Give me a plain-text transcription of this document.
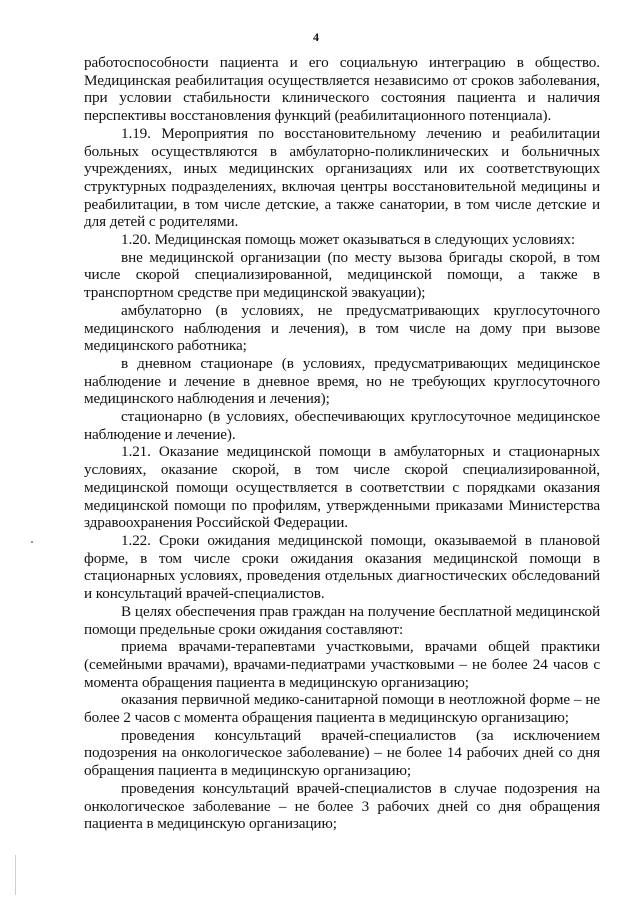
4

работоспособности пациента и его социальную интеграцию в общество. Медицинская реабилитация осуществляется независимо от сроков заболевания, при условии стабильности клинического состояния пациента и наличия перспективы восстановления функций (реабилитационного потенциала).

1.19. Мероприятия по восстановительному лечению и реабилитации больных осуществляются в амбулаторно-поликлинических и больничных учреждениях, иных медицинских организациях или их соответствующих структурных подразделениях, включая центры восстановительной медицины и реабилитации, в том числе детские, а также санатории, в том числе детские и для детей с родителями.

1.20. Медицинская помощь может оказываться в следующих условиях:

вне медицинской организации (по месту вызова бригады скорой, в том числе скорой специализированной, медицинской помощи, а также в транспортном средстве при медицинской эвакуации);

амбулаторно (в условиях, не предусматривающих круглосуточного медицинского наблюдения и лечения), в том числе на дому при вызове медицинского работника;

в дневном стационаре (в условиях, предусматривающих медицинское наблюдение и лечение в дневное время, но не требующих круглосуточного медицинского наблюдения и лечения);

стационарно (в условиях, обеспечивающих круглосуточное медицинское наблюдение и лечение).

1.21. Оказание медицинской помощи в амбулаторных и стационарных условиях, оказание скорой, в том числе скорой специализированной, медицинской помощи осуществляется в соответствии с порядками оказания медицинской помощи по профилям, утвержденными приказами Министерства здравоохранения Российской Федерации.

1.22. Сроки ожидания медицинской помощи, оказываемой в плановой форме, в том числе сроки ожидания оказания медицинской помощи в стационарных условиях, проведения отдельных диагностических обследований и консультаций врачей-специалистов.

В целях обеспечения прав граждан на получение бесплатной медицинской помощи предельные сроки ожидания составляют:

приема врачами-терапевтами участковыми, врачами общей практики (семейными врачами), врачами-педиатрами участковыми – не более 24 часов с момента обращения пациента в медицинскую организацию;

оказания первичной медико-санитарной помощи в неотложной форме – не более 2 часов с момента обращения пациента в медицинскую организацию;

проведения консультаций врачей-специалистов (за исключением подозрения на онкологическое заболевание) – не более 14 рабочих дней со дня обращения пациента в медицинскую организацию;

проведения консультаций врачей-специалистов в случае подозрения на онкологическое заболевание – не более 3 рабочих дней со дня обращения пациента в медицинскую организацию;
